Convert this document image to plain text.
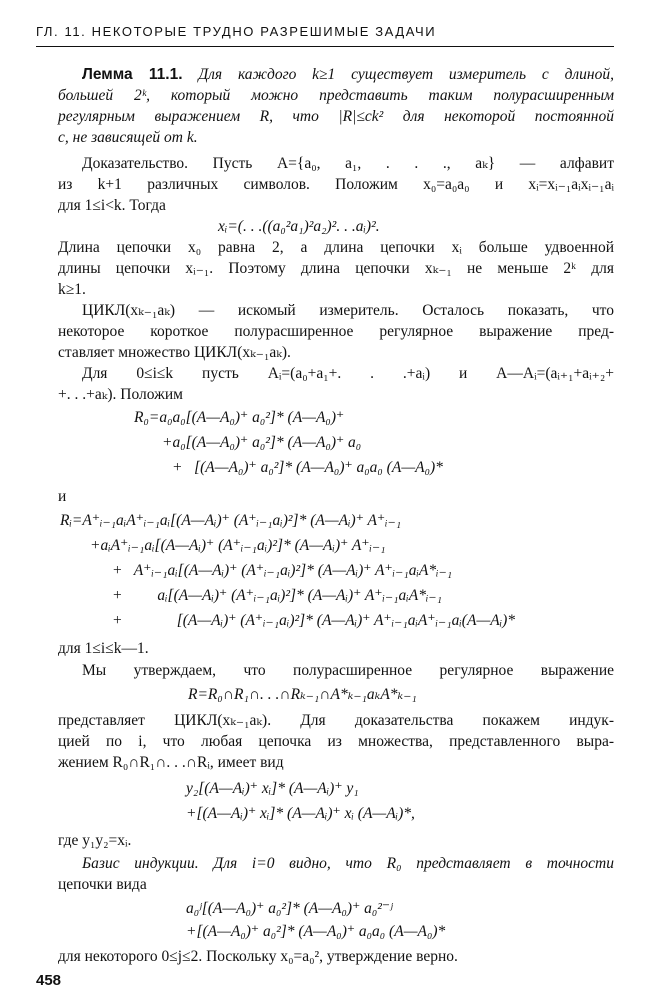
ГЛ. 11. НЕКОТОРЫЕ ТРУДНО РАЗРЕШИМЫЕ ЗАДАЧИ
Лемма 11.1. Для каждого k≥1 существует измеритель с длиной,
большей 2ᵏ, который можно представить таким полурасширенным
регулярным выражением R, что |R|≤ck² для некоторой постоянной
c, не зависящей от k.
Доказательство. Пусть A={a₀, a₁, . . ., aₖ} — алфавит
из k+1 различных символов. Положим x₀=a₀a₀ и xᵢ=xᵢ₋₁aᵢxᵢ₋₁aᵢ
для 1≤i<k. Тогда
xᵢ=(. . .((a₀²a₁)²a₂)². . .aᵢ)².
Длина цепочки x₀ равна 2, а длина цепочки xᵢ больше удвоенной
длины цепочки xᵢ₋₁. Поэтому длина цепочки xₖ₋₁ не меньше 2ᵏ для
k≥1.
ЦИКЛ(xₖ₋₁aₖ) — искомый измеритель. Осталось показать, что
некоторое короткое полурасширенное регулярное выражение пред-
ставляет множество ЦИКЛ(xₖ₋₁aₖ).
Для 0≤i≤k пусть Aᵢ=(a₀+a₁+. . .+aᵢ) и A—Aᵢ=(aᵢ₊₁+aᵢ₊₂+
+. . .+aₖ). Положим
R₀=a₀a₀[(A—A₀)⁺ a₀²]* (A—A₀)⁺
+a₀[(A—A₀)⁺ a₀²]* (A—A₀)⁺ a₀
+   [(A—A₀)⁺ a₀²]* (A—A₀)⁺ a₀a₀ (A—A₀)*
и
Rᵢ=A⁺ᵢ₋₁aᵢA⁺ᵢ₋₁aᵢ[(A—Aᵢ)⁺ (A⁺ᵢ₋₁aᵢ)²]* (A—Aᵢ)⁺ A⁺ᵢ₋₁
+aᵢA⁺ᵢ₋₁aᵢ[(A—Aᵢ)⁺ (A⁺ᵢ₋₁aᵢ)²]* (A—Aᵢ)⁺ A⁺ᵢ₋₁
+   A⁺ᵢ₋₁aᵢ[(A—Aᵢ)⁺ (A⁺ᵢ₋₁aᵢ)²]* (A—Aᵢ)⁺ A⁺ᵢ₋₁aᵢA*ᵢ₋₁
+         aᵢ[(A—Aᵢ)⁺ (A⁺ᵢ₋₁aᵢ)²]* (A—Aᵢ)⁺ A⁺ᵢ₋₁aᵢA*ᵢ₋₁
+              [(A—Aᵢ)⁺ (A⁺ᵢ₋₁aᵢ)²]* (A—Aᵢ)⁺ A⁺ᵢ₋₁aᵢA⁺ᵢ₋₁aᵢ(A—Aᵢ)*
для 1≤i≤k—1.
Мы утверждаем, что полурасширенное регулярное выражение
R=R₀∩R₁∩. . .∩Rₖ₋₁∩A*ₖ₋₁aₖA*ₖ₋₁
представляет ЦИКЛ(xₖ₋₁aₖ). Для доказательства покажем индук-
цией по i, что любая цепочка из множества, представленного выра-
жением R₀∩R₁∩. . .∩Rᵢ, имеет вид
y₂[(A—Aᵢ)⁺ xᵢ]* (A—Aᵢ)⁺ y₁
+[(A—Aᵢ)⁺ xᵢ]* (A—Aᵢ)⁺ xᵢ (A—Aᵢ)*,
где y₁y₂=xᵢ.
Базис индукции. Для i=0 видно, что R₀ представляет в точности
цепочки вида
a₀ʲ[(A—A₀)⁺ a₀²]* (A—A₀)⁺ a₀²⁻ʲ
+[(A—A₀)⁺ a₀²]* (A—A₀)⁺ a₀a₀ (A—A₀)*
для некоторого 0≤j≤2. Поскольку x₀=a₀², утверждение верно.
458
